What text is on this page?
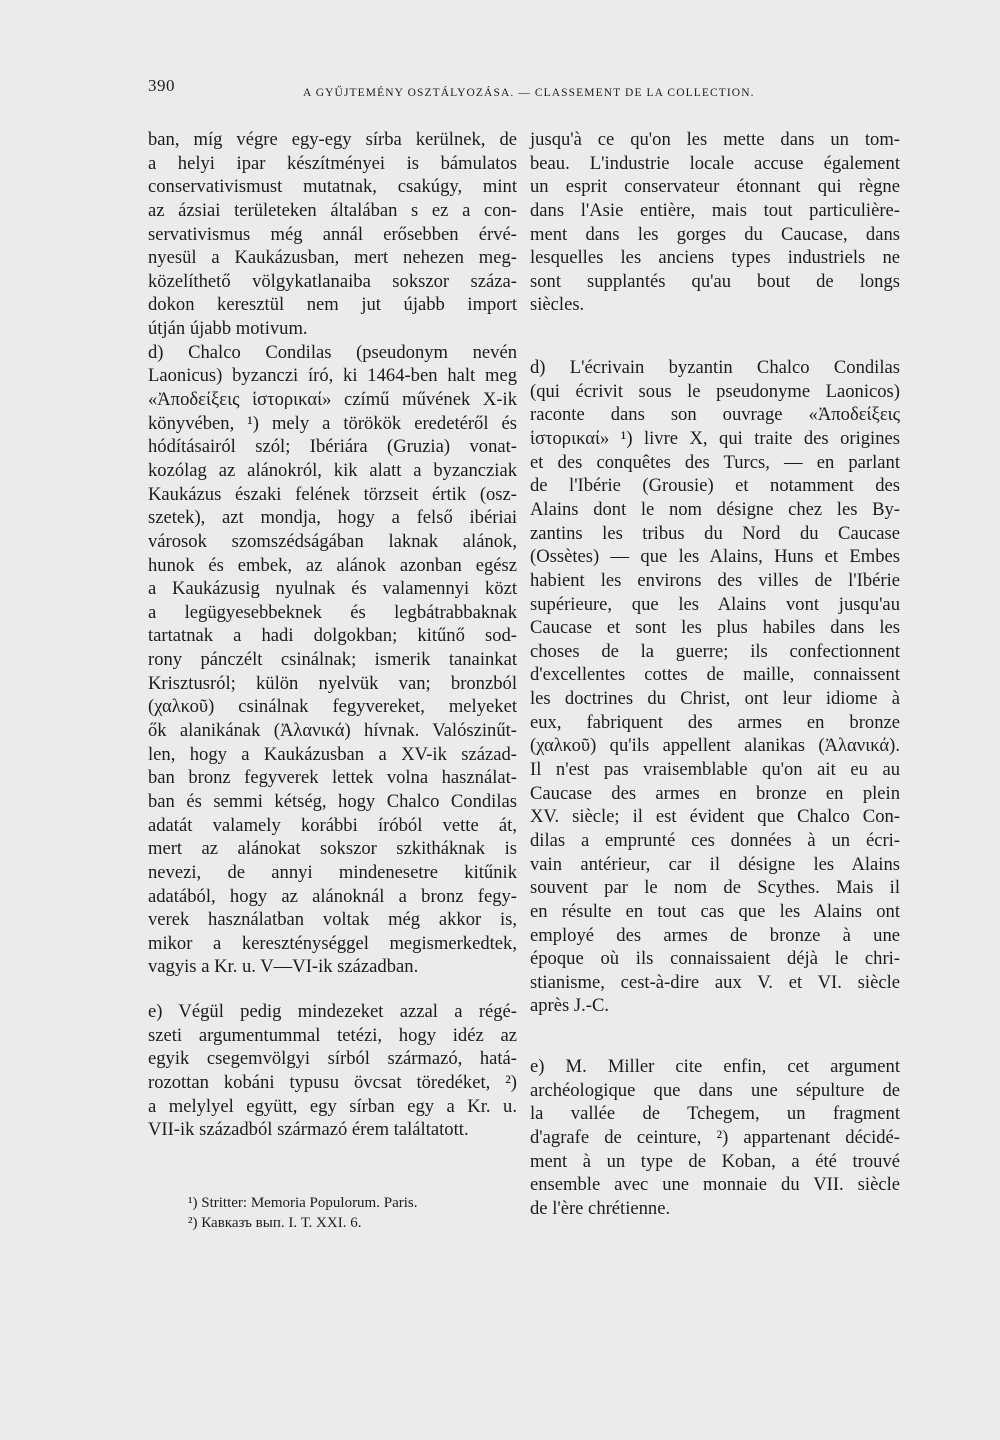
390	A GYŰJTEMÉNY OSZTÁLYOZÁSA. — CLASSEMENT DE LA COLLECTION.
ban, míg végre egy-egy sírba kerülnek, de
a helyi ipar készítményei is bámulatos
conservativismust mutatnak, csakúgy, mint
az ázsiai területeken általában s ez a con-
servativismus még annál erősebben érvé-
nyesül a Kaukázusban, mert nehezen meg-
közelíthető völgykatlanaiba sokszor száza-
dokon keresztül nem jut újabb import
útján újabb motivum.
d) Chalco Condilas (pseudonym nevén
Laonicus) byzanczi író, ki 1464-ben halt meg
«Ἀποδείξεις ἱστορικαί» czímű művének X-ik
könyvében, ¹) mely a törökök eredetéről és
hódításairól szól; Ibériára (Gruzia) vonat-
kozólag az alánokról, kik alatt a byzancziak
Kaukázus északi felének törzseit értik (osz-
szetek), azt mondja, hogy a felső ibériai
városok szomszédságában laknak alánok,
hunok és embek, az alánok azonban egész
a Kaukázusig nyulnak és valamennyi közt
a legügyesebbeknek és legbátrabbaknak
tartatnak a hadi dolgokban; kitűnő sod-
rony pánczélt csinálnak; ismerik tanainkat
Krisztusról; külön nyelvük van; bronzból
(χαλκοῦ) csinálnak fegyvereket, melyeket
ők alanikának (Ἀλανικά) hívnak. Valószinűt-
len, hogy a Kaukázusban a XV-ik század-
ban bronz fegyverek lettek volna használat-
ban és semmi kétség, hogy Chalco Condilas
adatát valamely korábbi íróból vette át,
mert az alánokat sokszor szkitháknak is
nevezi, de annyi mindenesetre kitűnik
adatából, hogy az alánoknál a bronz fegy-
verek használatban voltak még akkor is,
mikor a kereszténységgel megismerkedtek,
vagyis a Kr. u. V—VI-ik században.
e) Végül pedig mindezeket azzal a régé-
szeti argumentummal tetézi, hogy idéz az
egyik csegemvölgyi sírból származó, hatá-
rozottan kobáni typusu övcsat töredéket, ²)
a melylyel együtt, egy sírban egy a Kr. u.
VII-ik századból származó érem találtatott.
jusqu'à ce qu'on les mette dans un tom-
beau. L'industrie locale accuse également
un esprit conservateur étonnant qui règne
dans l'Asie entière, mais tout particulière-
ment dans les gorges du Caucase, dans
lesquelles les anciens types industriels ne
sont supplantés qu'au bout de longs
siècles.
d) L'écrivain byzantin Chalco Condilas
(qui écrivit sous le pseudonyme Laonicos)
raconte dans son ouvrage «Ἀποδείξεις
ἱστορικαί» ¹) livre X, qui traite des origines
et des conquêtes des Turcs, — en parlant
de l'Ibérie (Grousie) et notamment des
Alains dont le nom désigne chez les By-
zantins les tribus du Nord du Caucase
(Ossètes) — que les Alains, Huns et Embes
habient les environs des villes de l'Ibérie
supérieure, que les Alains vont jusqu'au
Caucase et sont les plus habiles dans les
choses de la guerre; ils confectionnent
d'excellentes cottes de maille, connaissent
les doctrines du Christ, ont leur idiome à
eux, fabriquent des armes en bronze
(χαλκοῦ) qu'ils appellent alanikas (Ἀλανικά).
Il n'est pas vraisemblable qu'on ait eu au
Caucase des armes en bronze en plein
XV. siècle; il est évident que Chalco Con-
dilas a emprunté ces données à un écri-
vain antérieur, car il désigne les Alains
souvent par le nom de Scythes. Mais il
en résulte en tout cas que les Alains ont
employé des armes de bronze à une
époque où ils connaissaient déjà le chri-
stianisme, cest-à-dire aux V. et VI. siècle
après J.-C.
e) M. Miller cite enfin, cet argument
archéologique que dans une sépulture de
la vallée de Tchegem, un fragment
d'agrafe de ceinture, ²) appartenant décidé-
ment à un type de Koban, a été trouvé
ensemble avec une monnaie du VII. siècle
de l'ère chrétienne.
¹) Stritter: Memoria Populorum. Paris.
²) Кавказъ вып. I. Т. XXI. 6.
